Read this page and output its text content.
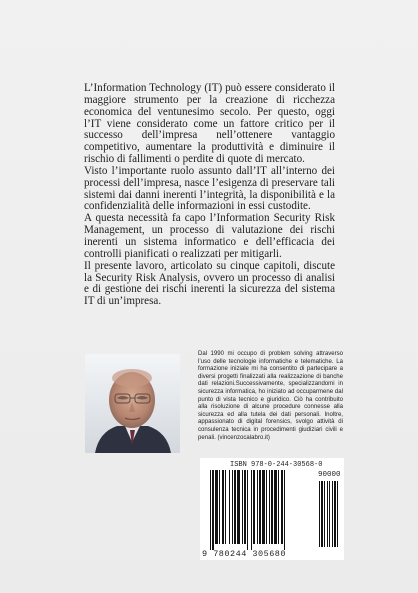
L’Information Technology (IT) può essere considerato il maggiore strumento per la creazione di ricchezza economica del ventunesimo secolo. Per questo, oggi l’IT viene considerato come un fattore critico per il successo dell’impresa nell’ottenere vantaggio competitivo, aumentare la produttività e diminuire il rischio di fallimenti o perdite di quote di mercato.

Visto l’importante ruolo assunto dall’IT all’interno dei processi dell’impresa, nasce l’esigenza di preservare tali sistemi dai danni inerenti l’integrità, la disponibilità e la confidenzialità delle informazioni in essi custodite.

A questa necessità fa capo l’Information Security Risk Management, un processo di valutazione dei rischi inerenti un sistema informatico e dell’efficacia dei controlli pianificati o realizzati per mitigarli.

Il presente lavoro, articolato su cinque capitoli, discute la Security Risk Analysis, ovvero un processo di analisi e di gestione dei rischi inerenti la sicurezza del sistema IT di un’impresa.

Dal 1990 mi occupo di problem solving attraverso l’uso delle tecnologie informatiche e telematiche. La formazione iniziale mi ha consentito di partecipare a diversi progetti finalizzati alla realizzazione di banche dati relazioni.Successivamente, specializzandomi in sicurezza informatica, ho iniziato ad occuparmene dal punto di vista tecnico e giuridico. Ciò ha contribuito alla risoluzione di alcune procedure connesse alla sicurezza ed alla tutela dei dati personali. Inoltre, appassionato di digital forensics, svolgo attività di consulenza tecnica in procedimenti giudiziari civili e penali. (vincenzocalabro.it)

ISBN 978-0-244-30568-0
90000
9 780244 305680
